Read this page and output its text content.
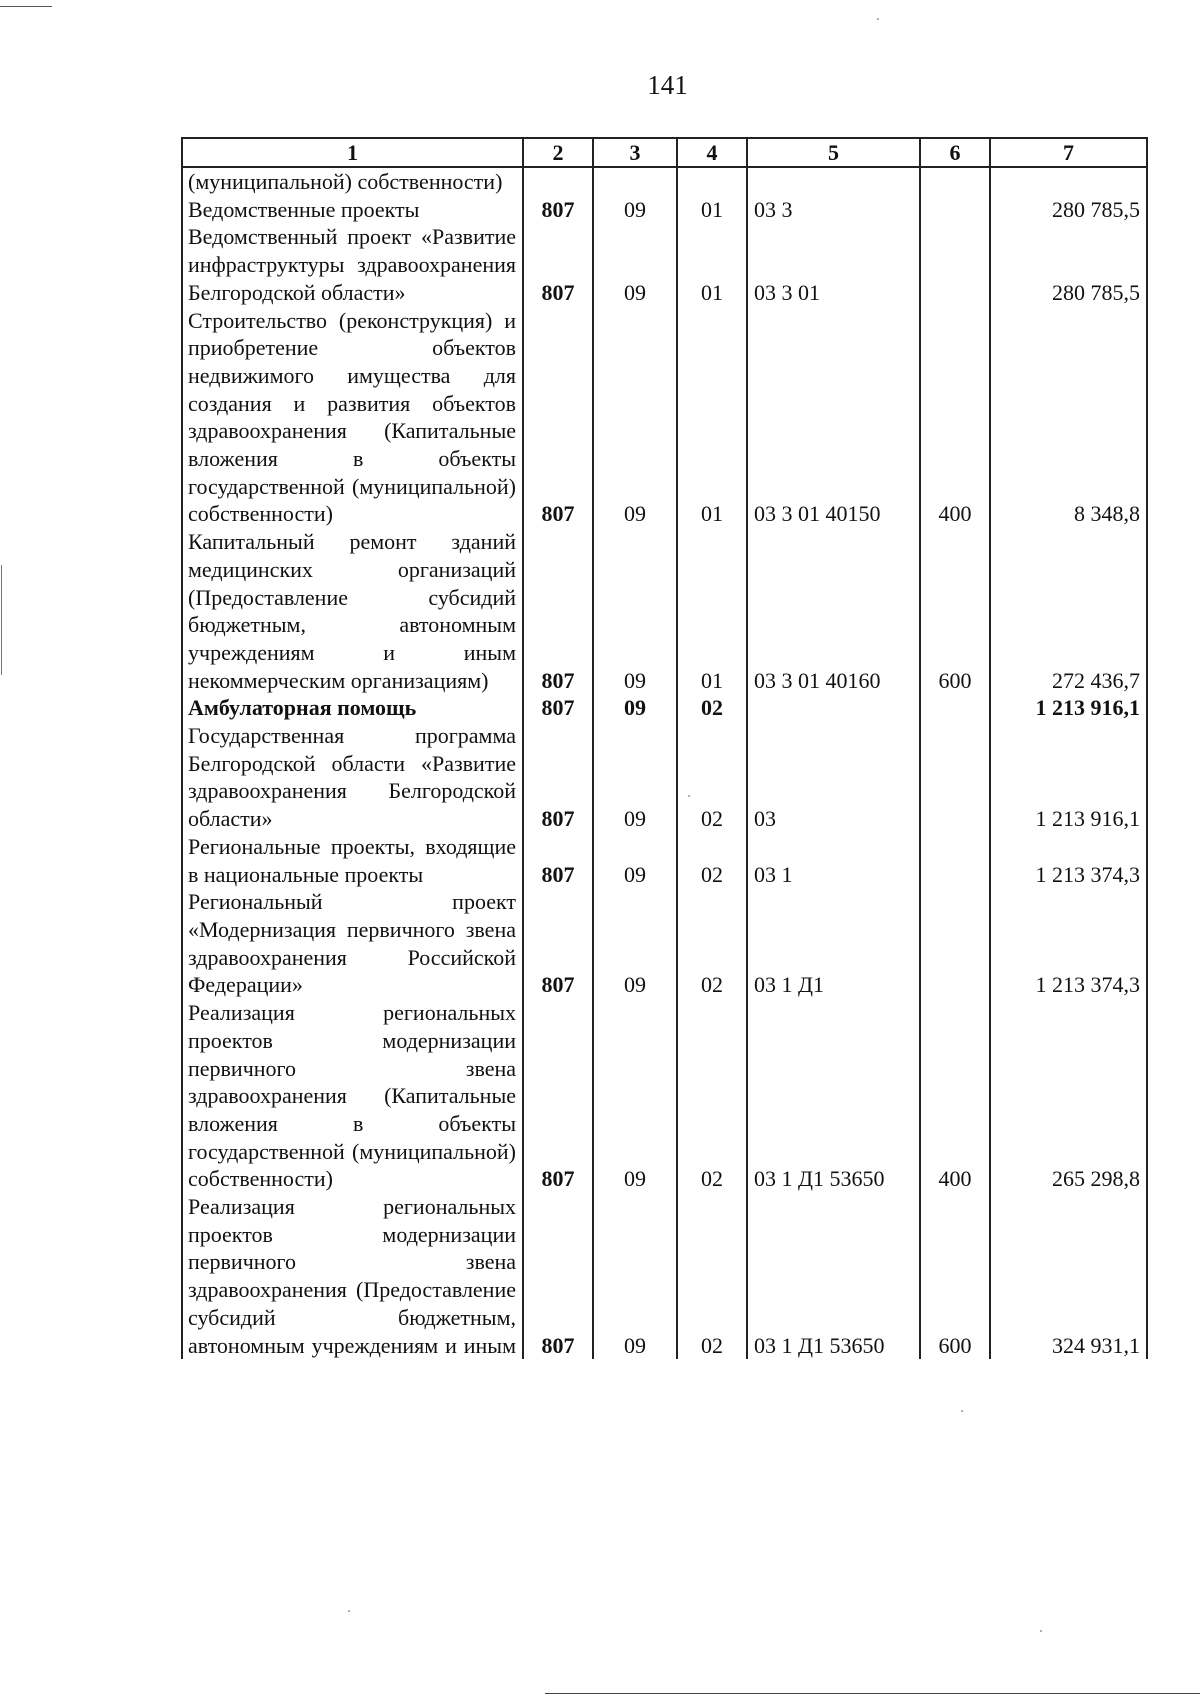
141
1	2	3	4	5	6	7
(муниципальной) собственности)						
Ведомственные проекты	807	09	01	03 3		280 785,5
Ведомственный проект «Развитие инфраструктуры здравоохранения Белгородской области»	807	09	01	03 3 01		280 785,5
Строительство (реконструкция) и приобретение объектов недвижимого имущества для создания и развития объектов здравоохранения (Капитальные вложения в объекты государственной (муниципальной) собственности)	807	09	01	03 3 01 40150	400	8 348,8
Капитальный ремонт зданий медицинских организаций (Предоставление субсидий бюджетным, автономным учреждениям и иным некоммерческим организациям)	807	09	01	03 3 01 40160	600	272 436,7
Амбулаторная помощь	807	09	02			1 213 916,1
Государственная программа Белгородской области «Развитие здравоохранения Белгородской области»	807	09	02	03		1 213 916,1
Региональные проекты, входящие в национальные проекты	807	09	02	03 1		1 213 374,3
Региональный проект «Модернизация первичного звена здравоохранения Российской Федерации»	807	09	02	03 1 Д1		1 213 374,3
Реализация региональных проектов модернизации первичного звена здравоохранения (Капитальные вложения в объекты государственной (муниципальной) собственности)	807	09	02	03 1 Д1 53650	400	265 298,8
Реализация региональных проектов модернизации первичного звена здравоохранения (Предоставление субсидий бюджетным, автономным учреждениям и иным	807	09	02	03 1 Д1 53650	600	324 931,1
